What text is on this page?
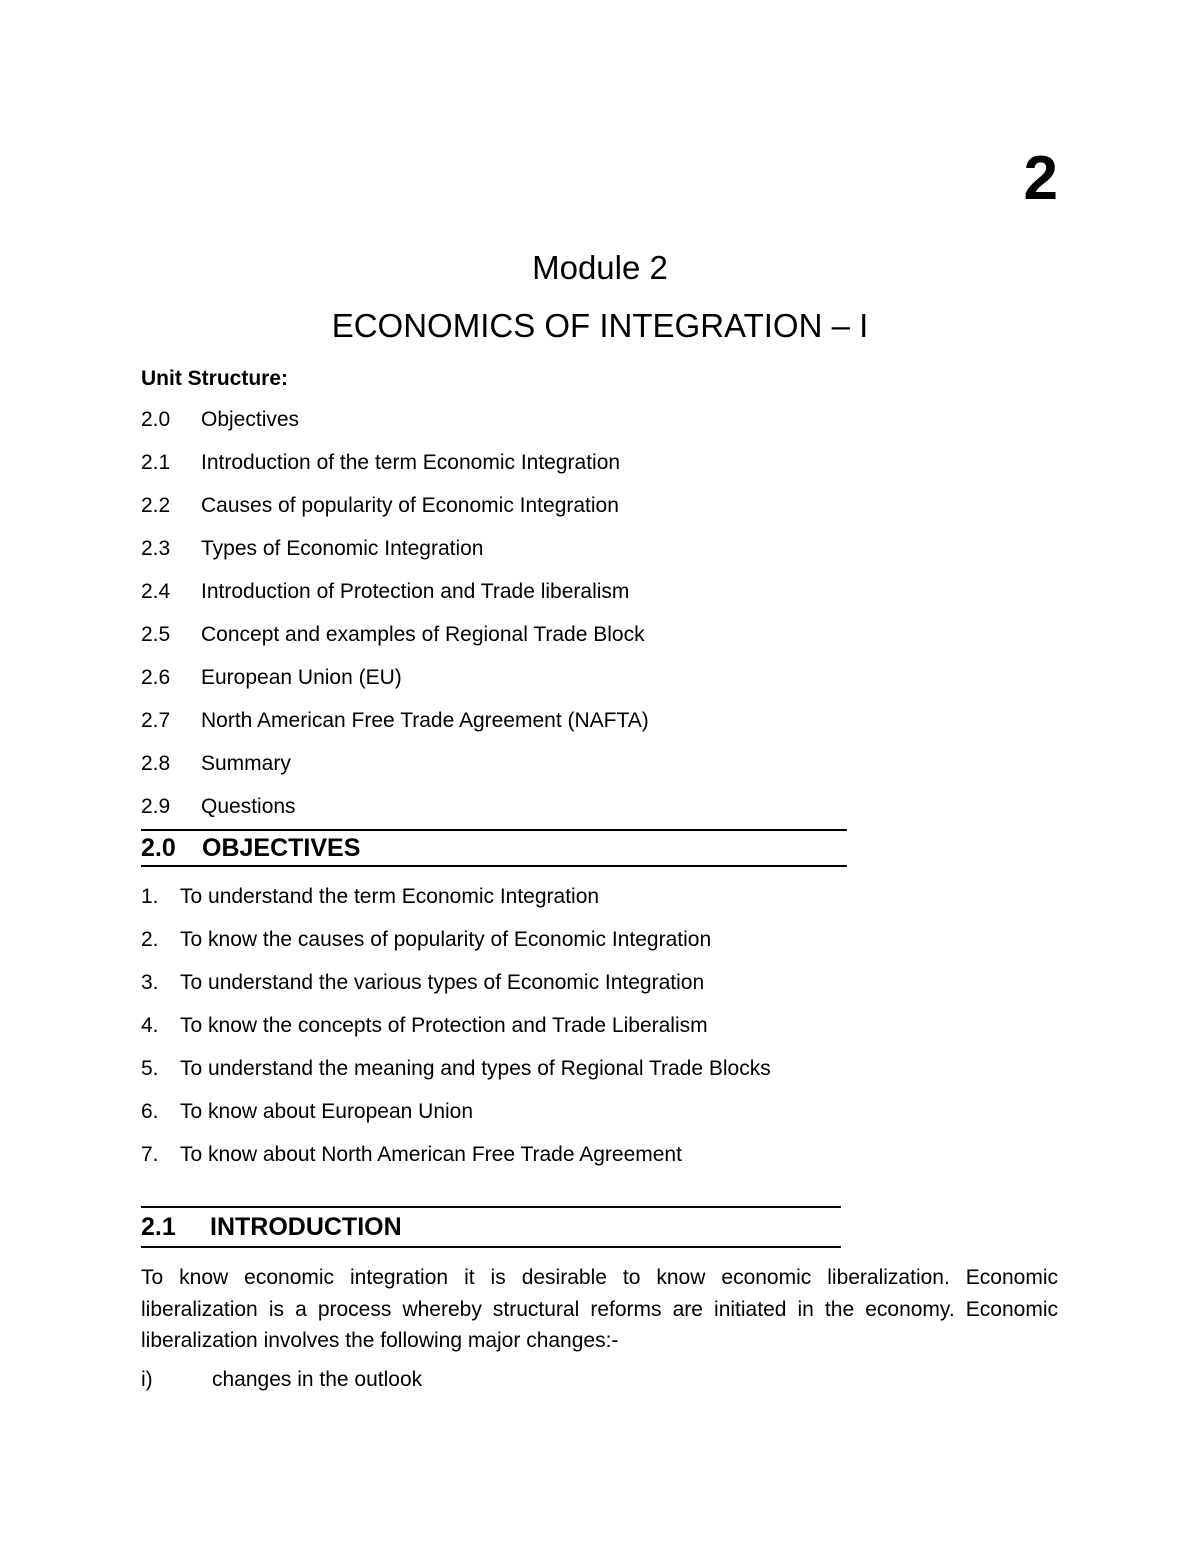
2
Module 2
ECONOMICS OF INTEGRATION – I
Unit Structure:
2.0	Objectives
2.1	Introduction of the term Economic Integration
2.2	Causes of popularity of Economic Integration
2.3	Types of Economic Integration
2.4	Introduction of Protection and Trade liberalism
2.5	Concept and examples of Regional Trade Block
2.6	European Union (EU)
2.7	North American Free Trade Agreement (NAFTA)
2.8	Summary
2.9	Questions
2.0	OBJECTIVES
1.	To understand the term Economic Integration
2.	To know the causes of popularity of Economic Integration
3.	To understand the various types of Economic Integration
4.	To know the concepts of Protection and Trade Liberalism
5.	To understand the meaning and types of Regional Trade Blocks
6.	To know about European Union
7.	To know about North American Free Trade Agreement
2.1	INTRODUCTION

To know economic integration it is desirable to know economic liberalization. Economic liberalization is a process whereby structural reforms are initiated in the economy. Economic liberalization involves the following major changes:-

i)	changes in the outlook
